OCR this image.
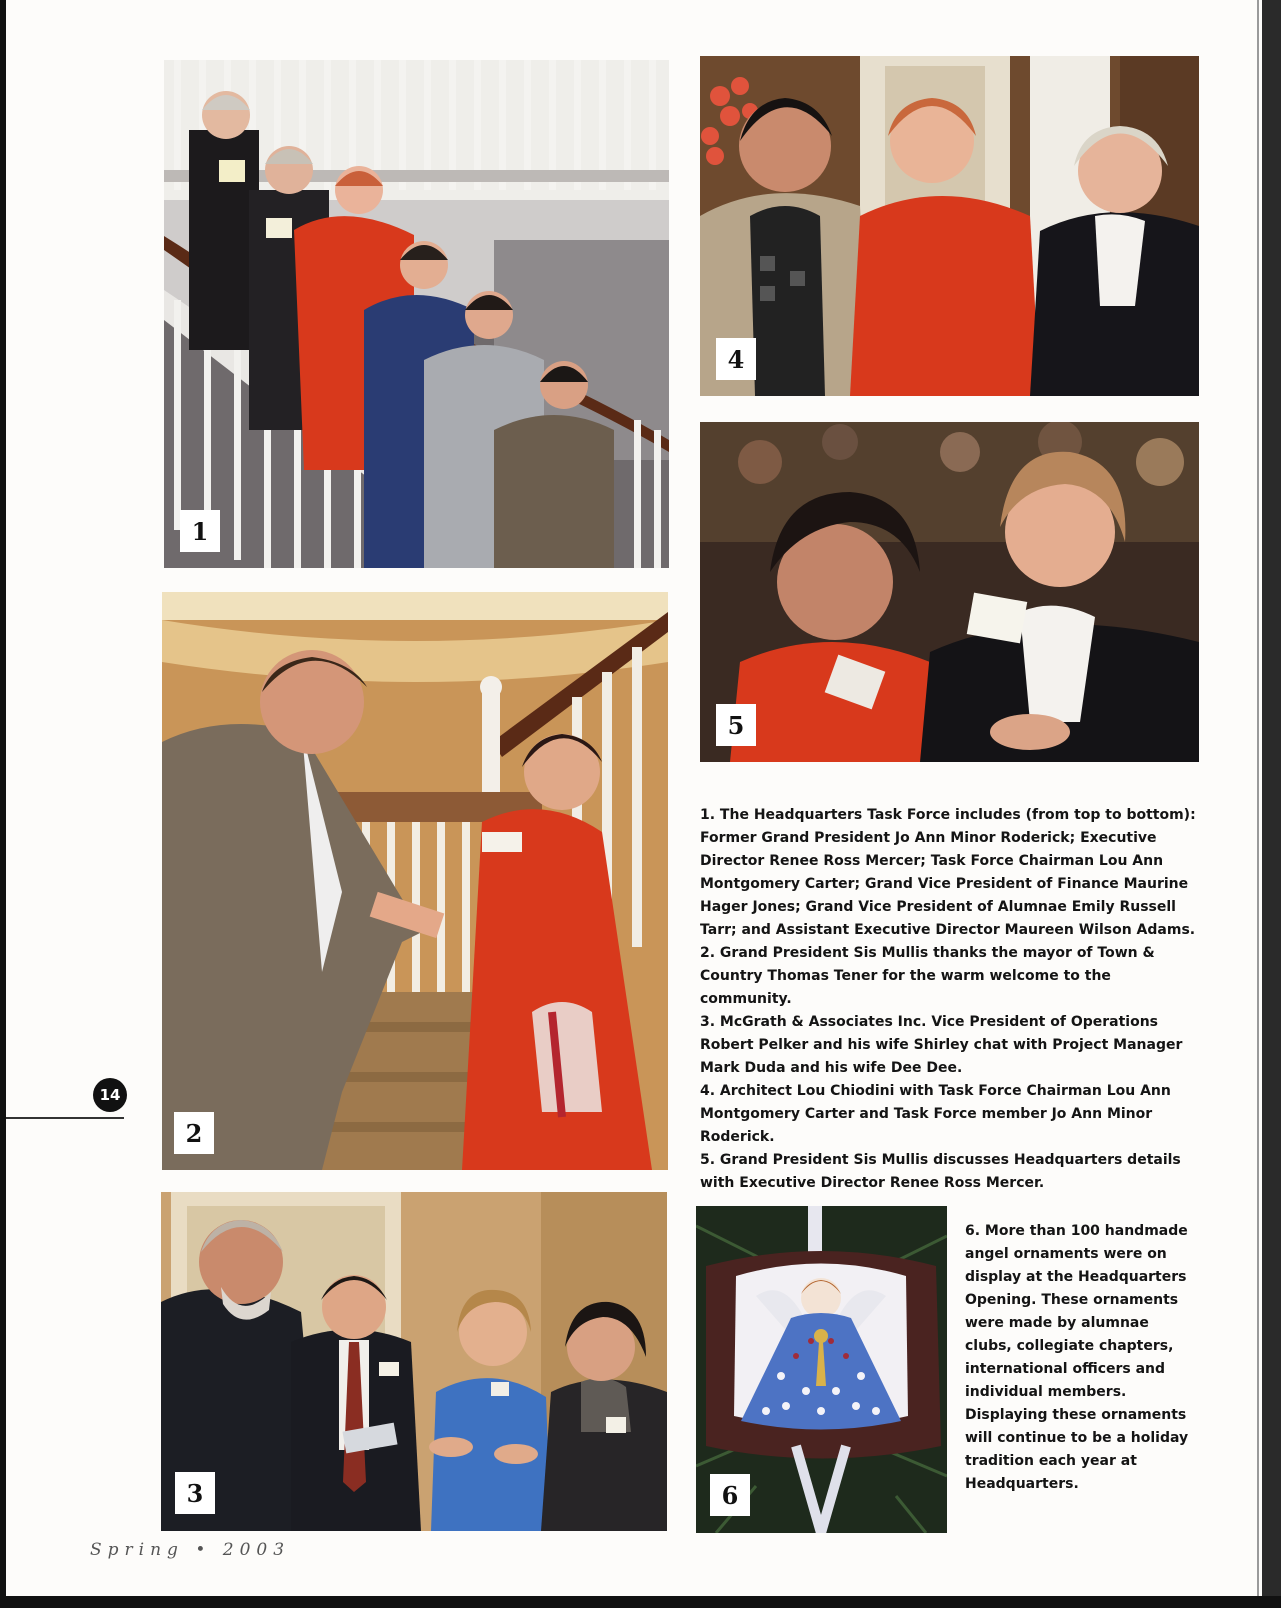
1
2
3
4
5
6

1. The Headquarters Task Force includes (from top to bottom): Former Grand President Jo Ann Minor Roderick; Executive Director Renee Ross Mercer; Task Force Chairman Lou Ann Montgomery Carter; Grand Vice President of Finance Maurine Hager Jones; Grand Vice President of Alumnae Emily Russell Tarr; and Assistant Executive Director Maureen Wilson Adams.

2. Grand President Sis Mullis thanks the mayor of Town & Country Thomas Tener for the warm welcome to the community.

3. McGrath & Associates Inc. Vice President of Operations Robert Pelker and his wife Shirley chat with Project Manager Mark Duda and his wife Dee Dee.

4. Architect Lou Chiodini with Task Force Chairman Lou Ann Montgomery Carter and Task Force member Jo Ann Minor Roderick.

5. Grand President Sis Mullis discusses Headquarters details with Executive Director Renee Ross Mercer.

6. More than 100 handmade angel ornaments were on display at the Headquarters Opening. These ornaments were made by alumnae clubs, collegiate chapters, international officers and individual members. Displaying these ornaments will continue to be a holiday tradition each year at Headquarters.

14
Spring • 2003
